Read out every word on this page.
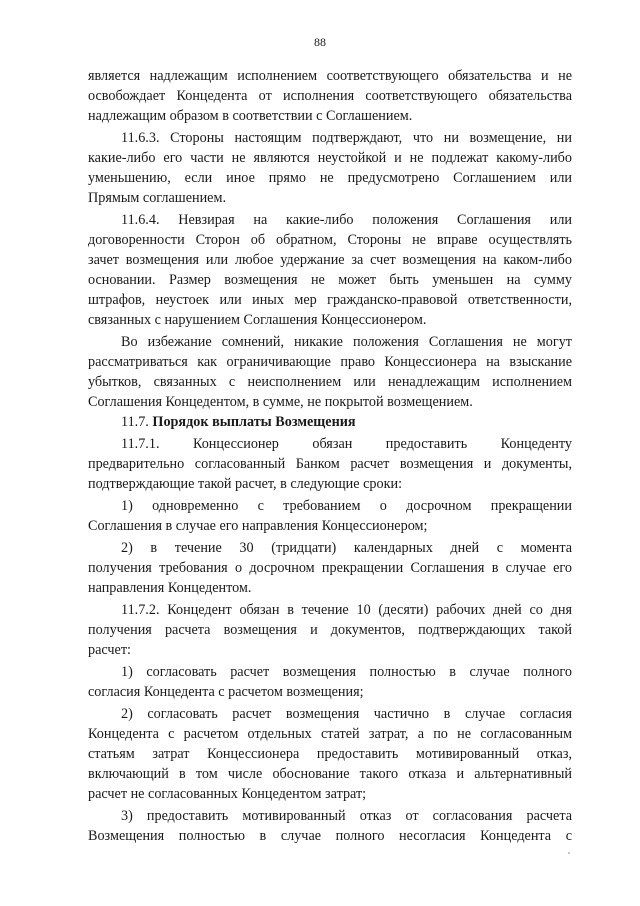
88
является надлежащим исполнением соответствующего обязательства и не
освобождает Концедента от исполнения соответствующего обязательства
надлежащим образом в соответствии с Соглашением.
11.6.3. Стороны настоящим подтверждают, что ни возмещение, ни
какие-либо его части не являются неустойкой и не подлежат какому-либо
уменьшению, если иное прямо не предусмотрено Соглашением или
Прямым соглашением.
11.6.4. Невзирая на какие-либо положения Соглашения или
договоренности Сторон об обратном, Стороны не вправе осуществлять
зачет возмещения или любое удержание за счет возмещения на каком-либо
основании. Размер возмещения не может быть уменьшен на сумму
штрафов, неустоек или иных мер гражданско-правовой ответственности,
связанных с нарушением Соглашения Концессионером.
Во избежание сомнений, никакие положения Соглашения не могут
рассматриваться как ограничивающие право Концессионера на взыскание
убытков, связанных с неисполнением или ненадлежащим исполнением
Соглашения Концедентом, в сумме, не покрытой возмещением.
11.7. Порядок выплаты Возмещения
11.7.1. Концессионер обязан предоставить Концеденту
предварительно согласованный Банком расчет возмещения и документы,
подтверждающие такой расчет, в следующие сроки:
1) одновременно с требованием о досрочном прекращении
Соглашения в случае его направления Концессионером;
2) в течение 30 (тридцати) календарных дней с момента
получения требования о досрочном прекращении Соглашения в случае его
направления Концедентом.
11.7.2. Концедент обязан в течение 10 (десяти) рабочих дней со дня
получения расчета возмещения и документов, подтверждающих такой
расчет:
1) согласовать расчет возмещения полностью в случае полного
согласия Концедента с расчетом возмещения;
2) согласовать расчет возмещения частично в случае согласия
Концедента с расчетом отдельных статей затрат, а по не согласованным
статьям затрат Концессионера предоставить мотивированный отказ,
включающий в том числе обоснование такого отказа и альтернативный
расчет не согласованных Концедентом затрат;
3) предоставить мотивированный отказ от согласования расчета
Возмещения полностью в случае полного несогласия Концедента с
